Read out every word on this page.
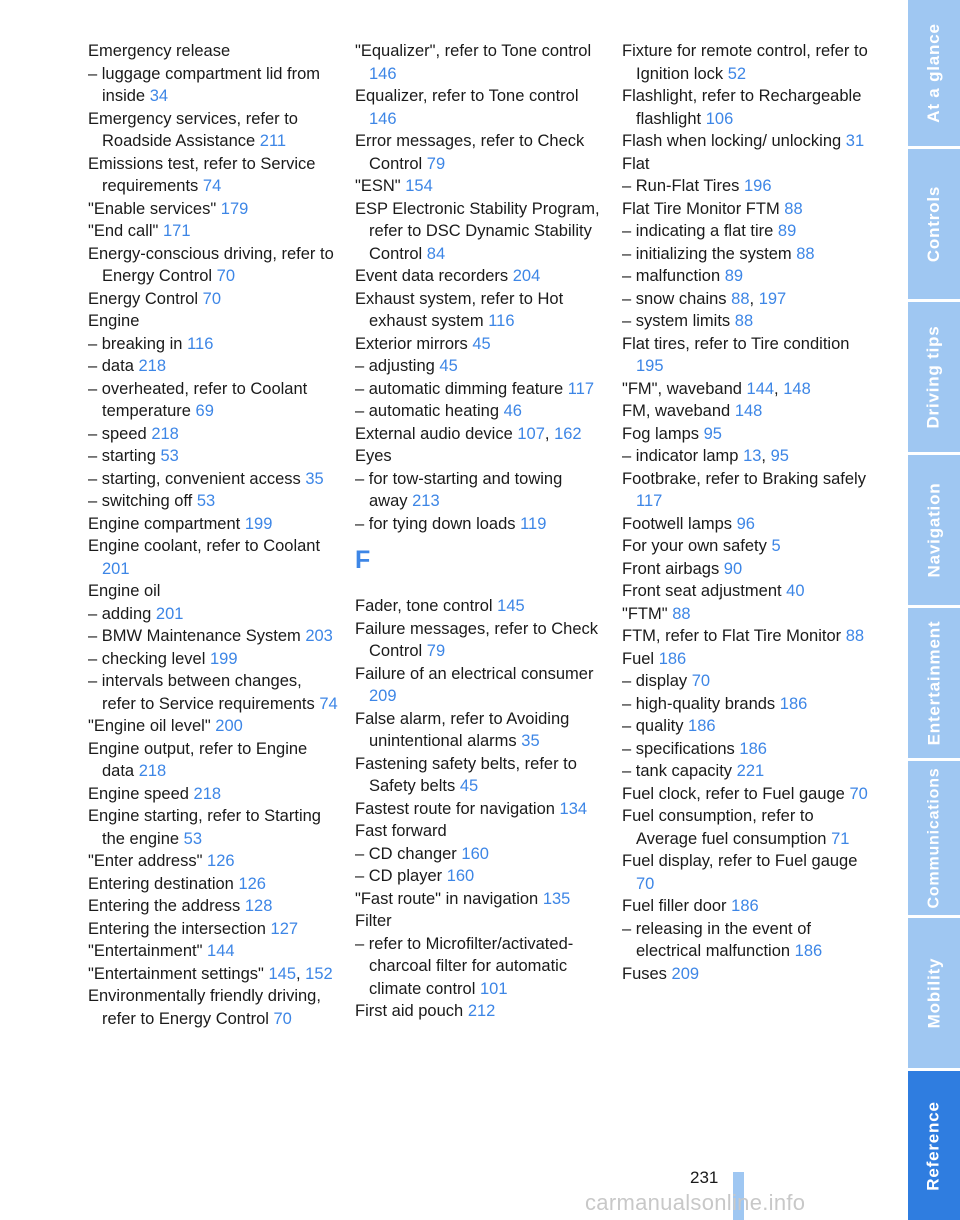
Emergency release
– luggage compartment lid from inside 34
Emergency services, refer to Roadside Assistance 211
Emissions test, refer to Service requirements 74
"Enable services" 179
"End call" 171
Energy-conscious driving, refer to Energy Control 70
Energy Control 70
Engine
– breaking in 116
– data 218
– overheated, refer to Coolant temperature 69
– speed 218
– starting 53
– starting, convenient access 35
– switching off 53
Engine compartment 199
Engine coolant, refer to Coolant 201
Engine oil
– adding 201
– BMW Maintenance System 203
– checking level 199
– intervals between changes, refer to Service requirements 74
"Engine oil level" 200
Engine output, refer to Engine data 218
Engine speed 218
Engine starting, refer to Starting the engine 53
"Enter address" 126
Entering destination 126
Entering the address 128
Entering the intersection 127
"Entertainment" 144
"Entertainment settings" 145, 152
Environmentally friendly driving, refer to Energy Control 70
"Equalizer", refer to Tone control 146
Equalizer, refer to Tone control 146
Error messages, refer to Check Control 79
"ESN" 154
ESP Electronic Stability Program, refer to DSC Dynamic Stability Control 84
Event data recorders 204
Exhaust system, refer to Hot exhaust system 116
Exterior mirrors 45
– adjusting 45
– automatic dimming feature 117
– automatic heating 46
External audio device 107, 162
Eyes
– for tow-starting and towing away 213
– for tying down loads 119
F
Fader, tone control 145
Failure messages, refer to Check Control 79
Failure of an electrical consumer 209
False alarm, refer to Avoiding unintentional alarms 35
Fastening safety belts, refer to Safety belts 45
Fastest route for navigation 134
Fast forward
– CD changer 160
– CD player 160
"Fast route" in navigation 135
Filter
– refer to Microfilter/activated-charcoal filter for automatic climate control 101
First aid pouch 212
Fixture for remote control, refer to Ignition lock 52
Flashlight, refer to Rechargeable flashlight 106
Flash when locking/ unlocking 31
Flat
– Run-Flat Tires 196
Flat Tire Monitor FTM 88
– indicating a flat tire 89
– initializing the system 88
– malfunction 89
– snow chains 88, 197
– system limits 88
Flat tires, refer to Tire condition 195
"FM", waveband 144, 148
FM, waveband 148
Fog lamps 95
– indicator lamp 13, 95
Footbrake, refer to Braking safely 117
Footwell lamps 96
For your own safety 5
Front airbags 90
Front seat adjustment 40
"FTM" 88
FTM, refer to Flat Tire Monitor 88
Fuel 186
– display 70
– high-quality brands 186
– quality 186
– specifications 186
– tank capacity 221
Fuel clock, refer to Fuel gauge 70
Fuel consumption, refer to Average fuel consumption 71
Fuel display, refer to Fuel gauge 70
Fuel filler door 186
– releasing in the event of electrical malfunction 186
Fuses 209
At a glance
Controls
Driving tips
Navigation
Entertainment
Communications
Mobility
Reference
231
carmanualsonline.info
